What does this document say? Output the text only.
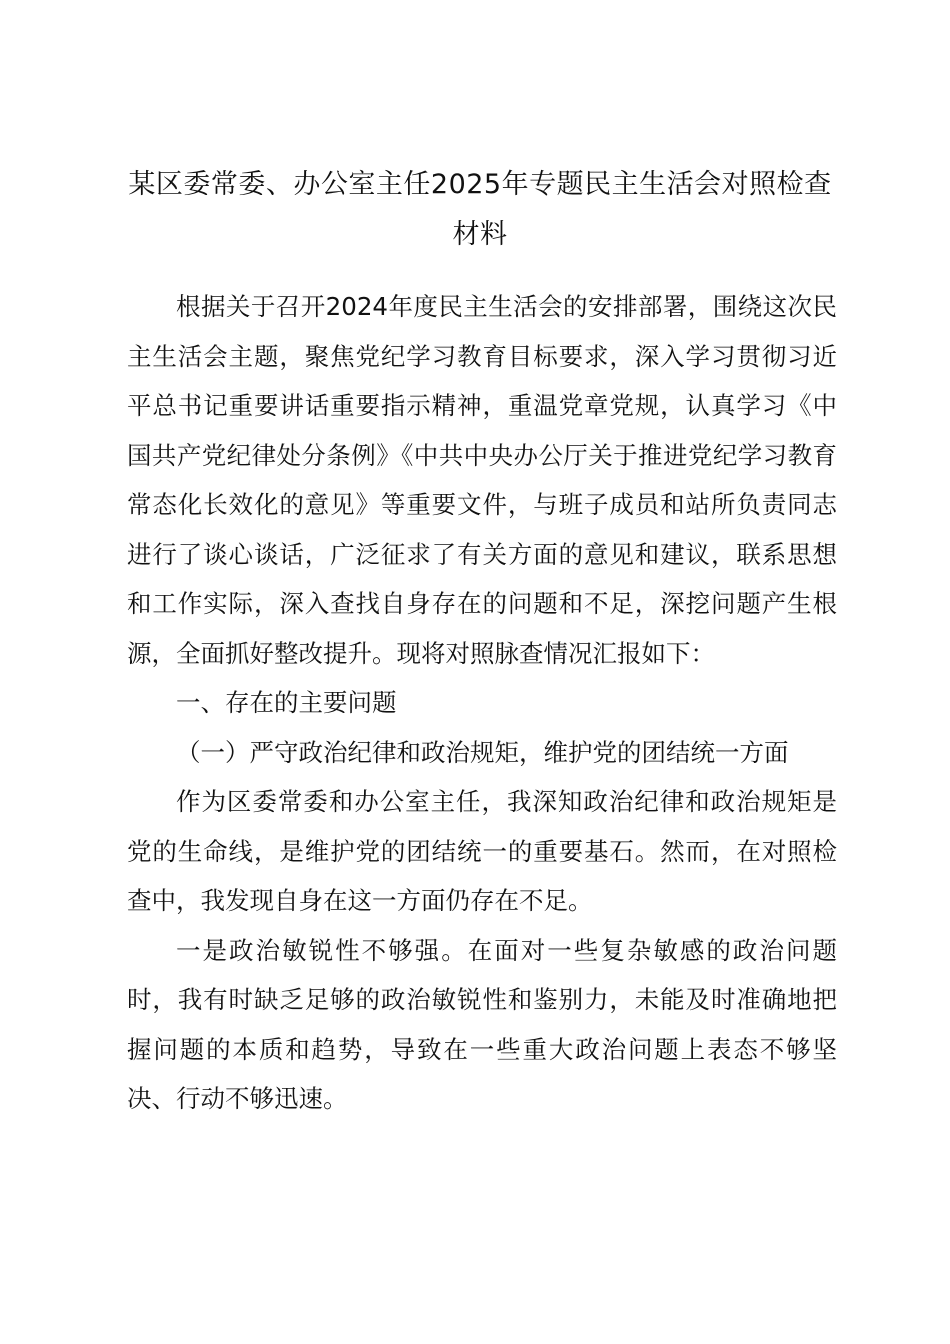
某区委常委、办公室主任2025年专题民主生活会对照检查材料

根据关于召开2024年度民主生活会的安排部署，围绕这次民主生活会主题，聚焦党纪学习教育目标要求，深入学习贯彻习近平总书记重要讲话重要指示精神，重温党章党规，认真学习《中国共产党纪律处分条例》《中共中央办公厅关于推进党纪学习教育常态化长效化的意见》等重要文件，与班子成员和站所负责同志进行了谈心谈话，广泛征求了有关方面的意见和建议，联系思想和工作实际，深入查找自身存在的问题和不足，深挖问题产生根源，全面抓好整改提升。现将对照脉查情况汇报如下：

一、存在的主要问题

（一）严守政治纪律和政治规矩，维护党的团结统一方面

作为区委常委和办公室主任，我深知政治纪律和政治规矩是党的生命线，是维护党的团结统一的重要基石。然而，在对照检查中，我发现自身在这一方面仍存在不足。

一是政治敏锐性不够强。在面对一些复杂敏感的政治问题时，我有时缺乏足够的政治敏锐性和鉴别力，未能及时准确地把握问题的本质和趋势，导致在一些重大政治问题上表态不够坚决、行动不够迅速。
